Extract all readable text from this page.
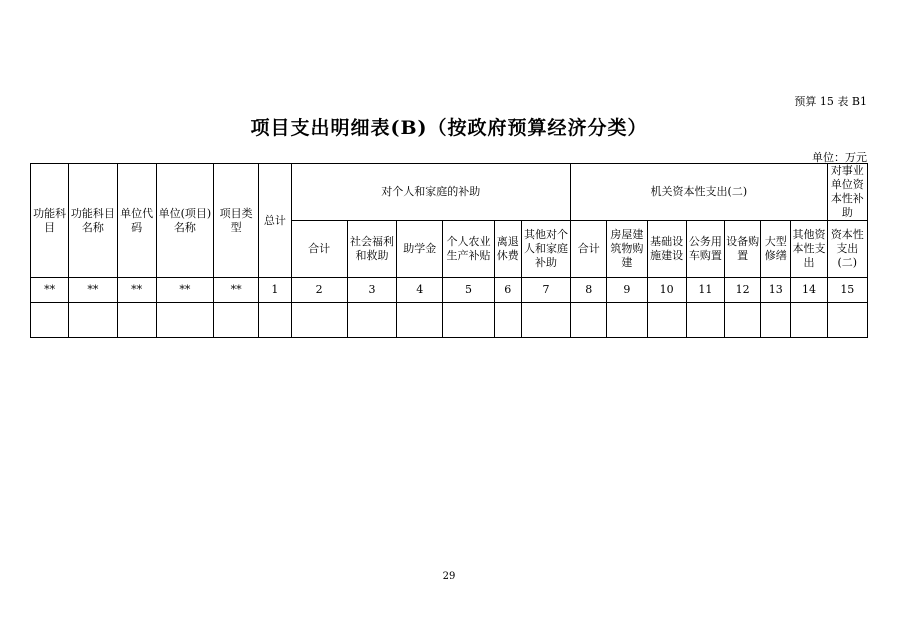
预算 15 表 B1
项目支出明细表(B)（按政府预算经济分类）
单位：万元
功能科目	功能科目名称	单位代码	单位(项目)名称	项目类型	总计	对个人和家庭的补助						机关资本性支出(二)							对事业单位资本性补助
						合计	社会福利和救助	助学金	个人农业生产补贴	离退休费	其他对个人和家庭补助	合计	房屋建筑物购建	基础设施建设	公务用车购置	设备购置	大型修缮	其他资本性支出	资本性支出(二)
**	**	**	**	**	1	2	3	4	5	6	7	8	9	10	11	12	13	14	15

29
